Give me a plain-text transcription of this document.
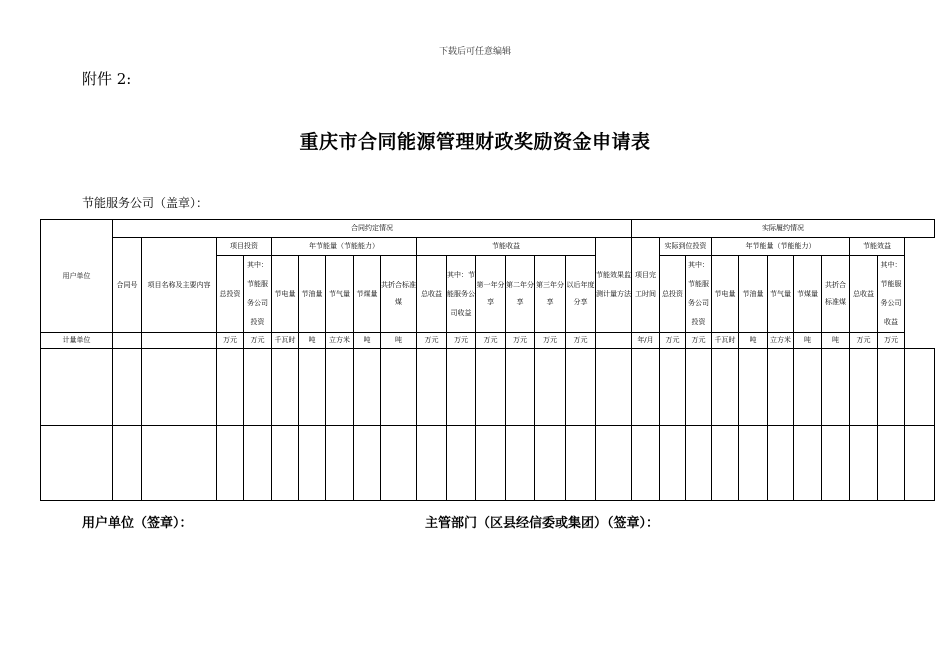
下载后可任意编辑
附件 2:
重庆市合同能源管理财政奖励资金申请表
节能服务公司（盖章）：
用户单位	合同约定情况																实际履约情况										
	合同号	项目名称及主要内容	项目投资		年节能量（节能能力）					节能收益						节能效果监测计量方法	项目完工时间	实际到位投资		年节能量（节能能力）					节能效益		
			总投资	其中：节能服务公司投资	节电量	节油量	节气量	节煤量	共折合标准煤	总收益	其中：节能服务公司收益	第一年分享	第二年分享	第三年分享	以后年度分享			总投资	其中：节能服务公司投资	节电量	节油量	节气量	节煤量	共折合标准煤	总收益	其中：节能服务公司收益	
计量单位			万元	万元	千瓦时	吨	立方米	吨	吨	万元	万元	万元	万元	万元	万元		年/月	万元	万元	千瓦时	吨	立方米	吨	吨	万元	万元	

用户单位（签章）：	主管部门（区县经信委或集团）（签章）：
